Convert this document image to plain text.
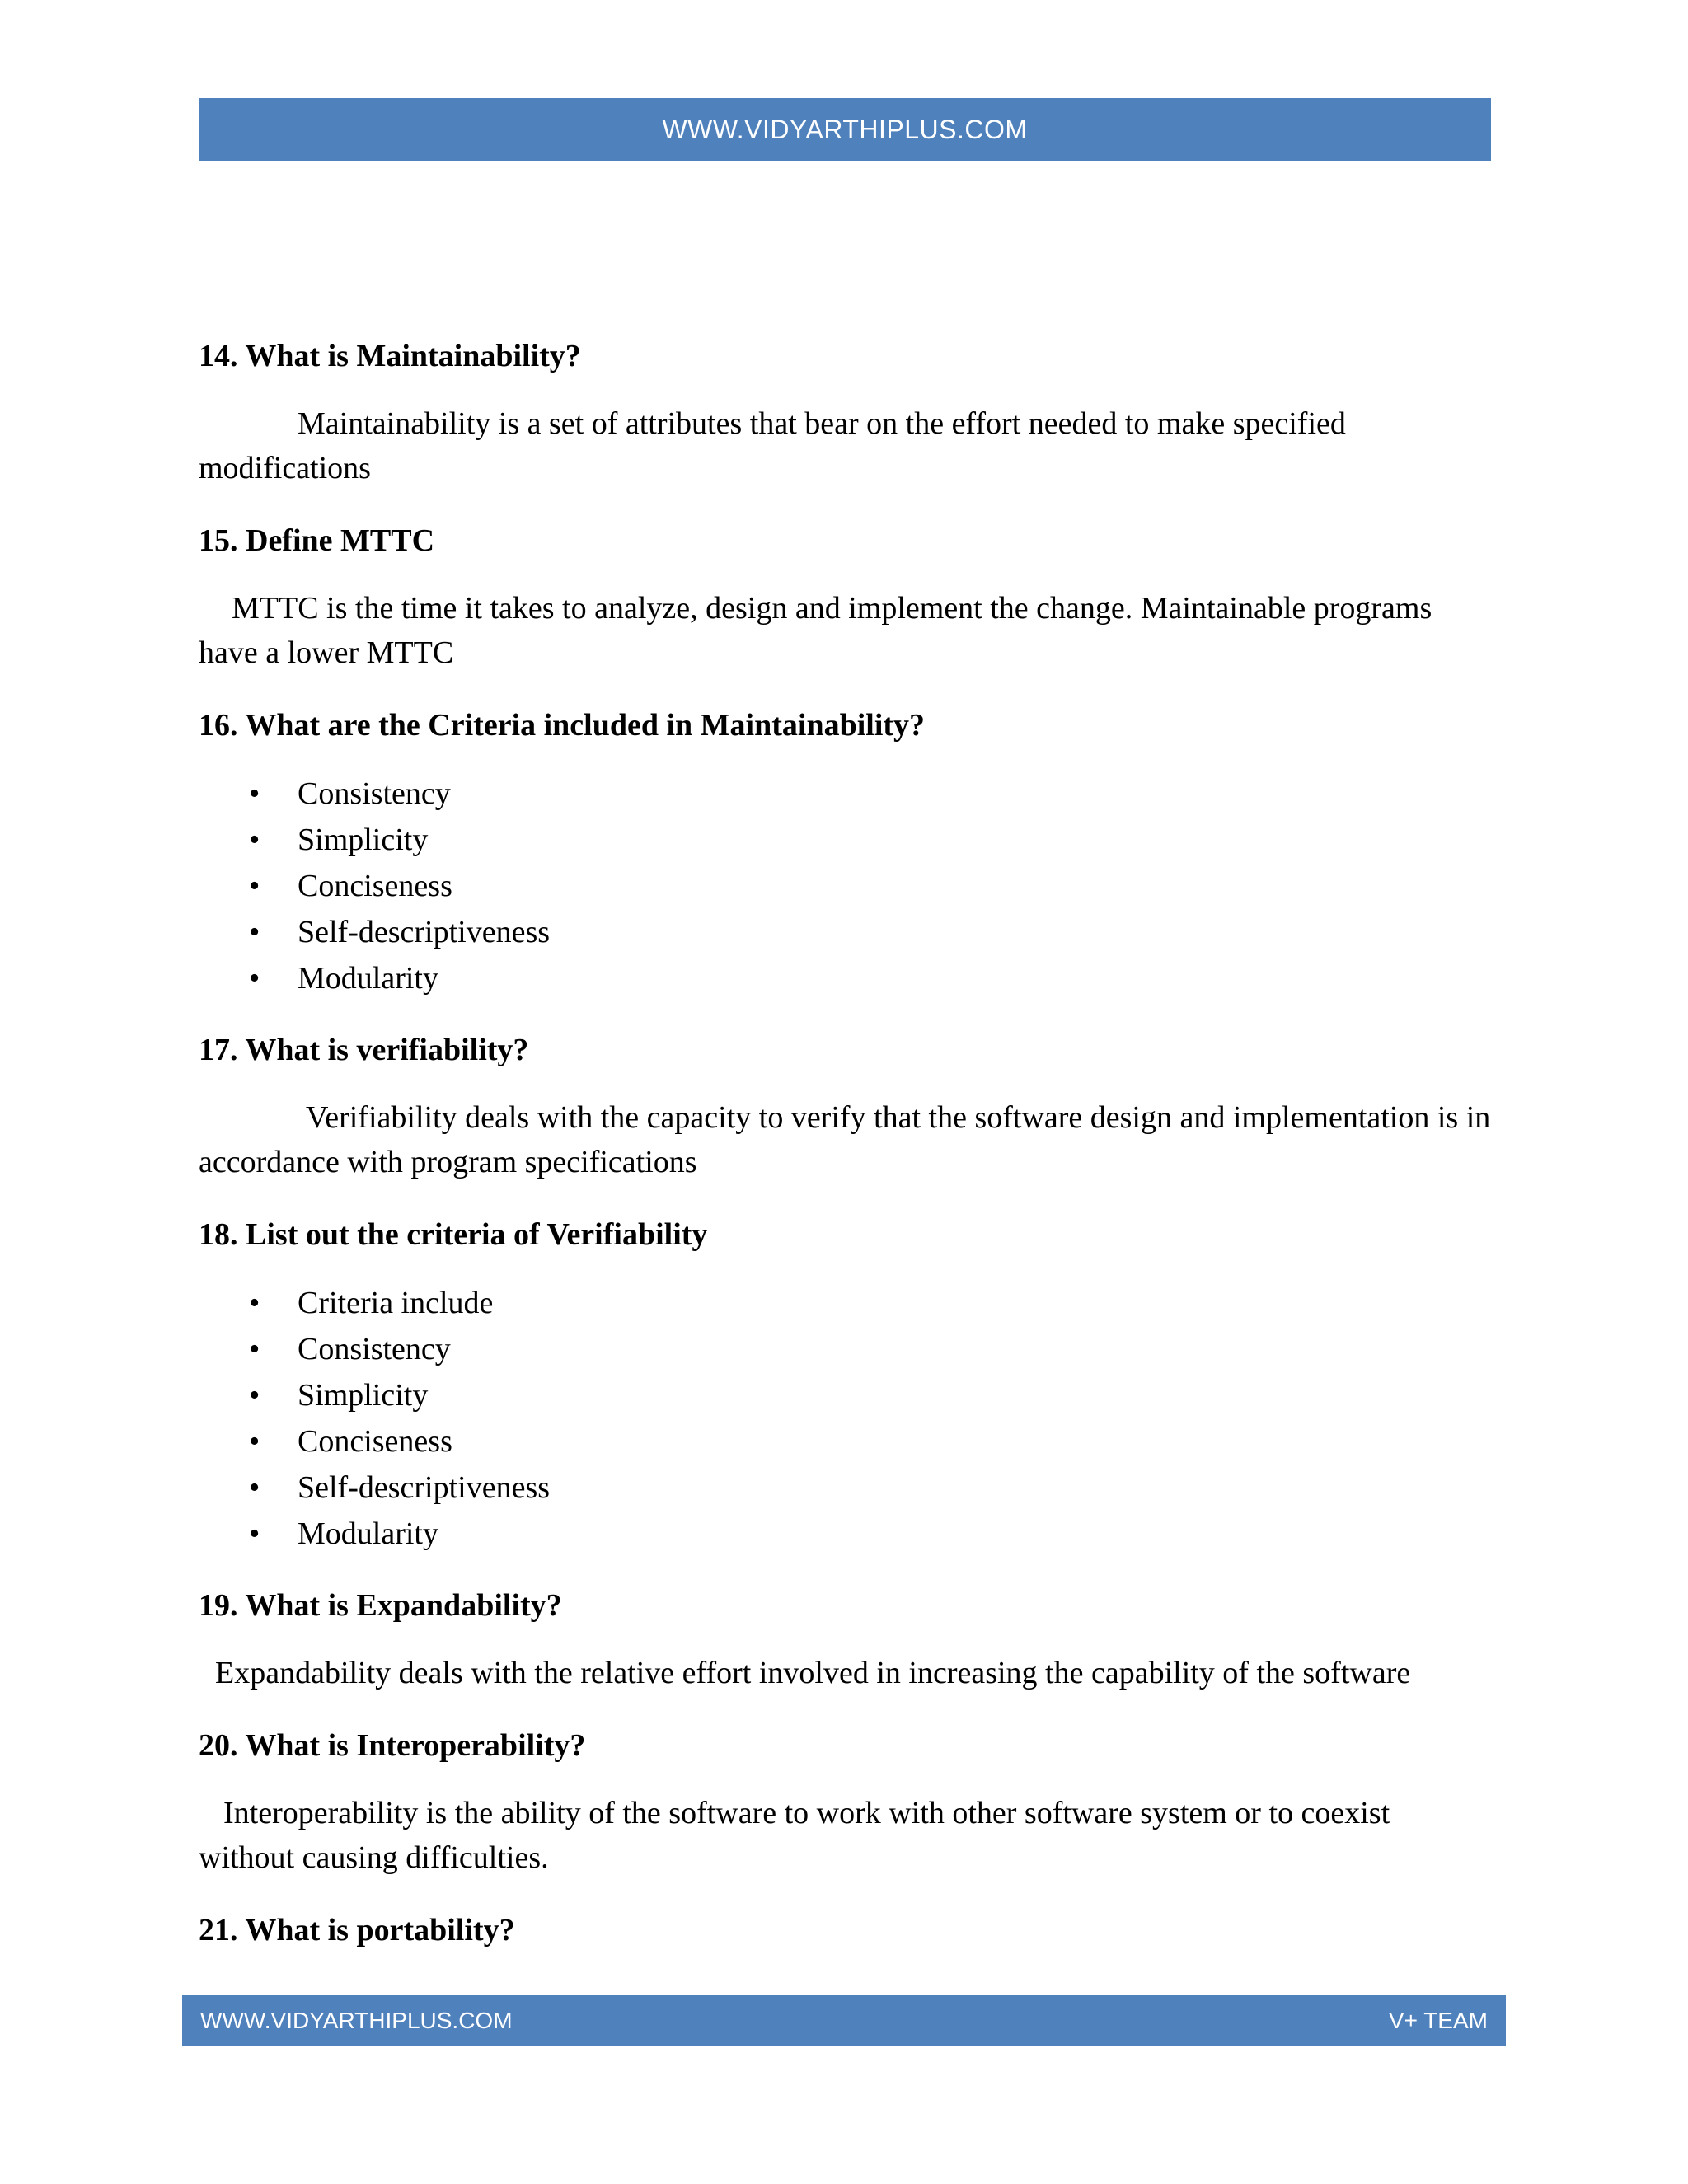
WWW.VIDYARTHIPLUS.COM

14. What is Maintainability?

Maintainability is a set of attributes that bear on the effort needed to make specified modifications

15. Define MTTC

MTTC is the time it takes to analyze, design and implement the change. Maintainable programs have a lower MTTC

16. What are the Criteria included in Maintainability?

• Consistency
• Simplicity
• Conciseness
• Self-descriptiveness
• Modularity

17. What is verifiability?

Verifiability deals with the capacity to verify that the software design and implementation is in accordance with program specifications

18. List out the criteria of Verifiability

• Criteria include
• Consistency
• Simplicity
• Conciseness
• Self-descriptiveness
• Modularity

19. What is Expandability?

Expandability deals with the relative effort involved in increasing the capability of the software

20. What is Interoperability?

Interoperability is the ability of the software to work with other software system or to coexist without causing difficulties.

21. What is portability?

WWW.VIDYARTHIPLUS.COM	V+ TEAM
